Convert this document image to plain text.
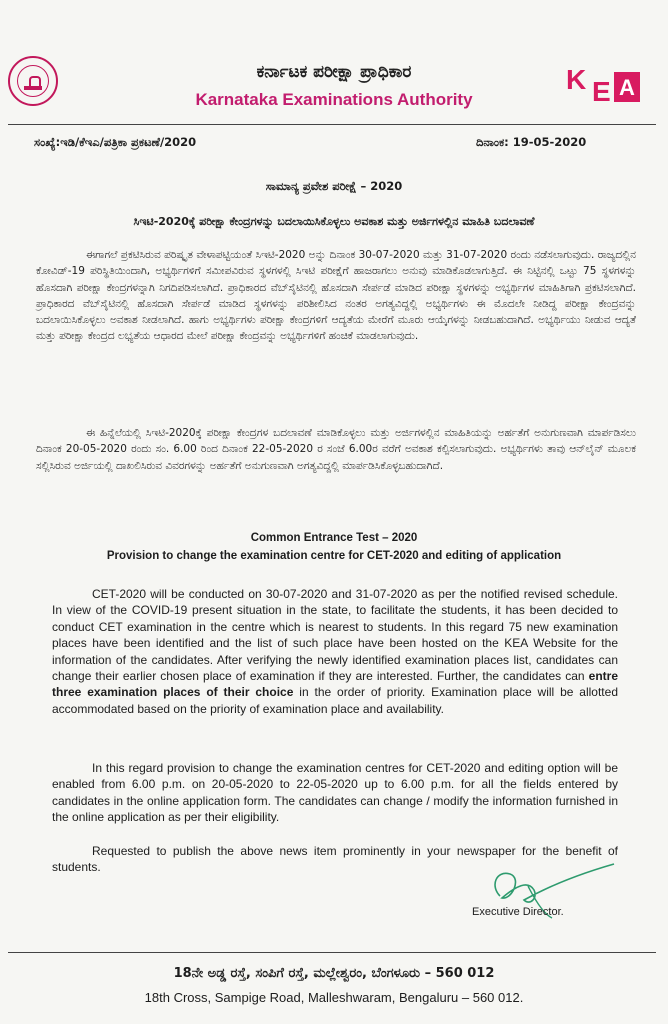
ಕರ್ನಾಟಕ ಪರೀಕ್ಷಾ ಪ್ರಾಧಿಕಾರ
Karnataka Examinations Authority
K E A
ಸಂಖ್ಯೆ:ಇಡಿ/ಕೆಇಎ/ಪತ್ರಿಕಾ ಪ್ರಕಟಣೆ/2020	ದಿನಾಂಕ: 19-05-2020
ಸಾಮಾನ್ಯ ಪ್ರವೇಶ ಪರೀಕ್ಷೆ – 2020
ಸಿಇಟಿ-2020ಕ್ಕೆ ಪರೀಕ್ಷಾ ಕೇಂದ್ರಗಳನ್ನು ಬದಲಾಯಿಸಿಕೊಳ್ಳಲು ಅವಕಾಶ ಮತ್ತು ಅರ್ಜಿಗಳಲ್ಲಿನ ಮಾಹಿತಿ ಬದಲಾವಣೆ
ಈಗಾಗಲೆ ಪ್ರಕಟಿಸಿರುವ ಪರಿಷ್ಕೃತ ವೇಳಾಪಟ್ಟಿಯಂತೆ ಸಿಇಟಿ-2020 ಅನ್ನು ದಿನಾಂಕ 30-07-2020 ಮತ್ತು 31-07-2020 ರಂದು ನಡೆಸಲಾಗುವುದು. ರಾಜ್ಯದಲ್ಲಿನ ಕೋವಿಡ್-19 ಪರಿಸ್ಥಿತಿಯಿಂದಾಗಿ, ಅಭ್ಯರ್ಥಿಗಳಿಗೆ ಸಮೀಪವಿರುವ ಸ್ಥಳಗಳಲ್ಲಿ ಸಿಇಟಿ ಪರೀಕ್ಷೆಗೆ ಹಾಜರಾಗಲು ಅನುವು ಮಾಡಿಕೊಡಲಾಗುತ್ತಿದೆ. ಈ ನಿಟ್ಟಿನಲ್ಲಿ ಒಟ್ಟು 75 ಸ್ಥಳಗಳನ್ನು ಹೊಸದಾಗಿ ಪರೀಕ್ಷಾ ಕೇಂದ್ರಗಳನ್ನಾಗಿ ನಿಗದಿಪಡಿಸಲಾಗಿದೆ. ಪ್ರಾಧಿಕಾರದ ವೆಬ್‌ಸೈಟಿನಲ್ಲಿ ಹೊಸದಾಗಿ ಸೇರ್ಪಡೆ ಮಾಡಿದ ಪರೀಕ್ಷಾ ಸ್ಥಳಗಳನ್ನು ಅಭ್ಯರ್ಥಿಗಳ ಮಾಹಿತಿಗಾಗಿ ಪ್ರಕಟಿಸಲಾಗಿದೆ. ಪ್ರಾಧಿಕಾರದ ವೆಬ್‌ಸೈಟಿನಲ್ಲಿ ಹೊಸದಾಗಿ ಸೇರ್ಪಡೆ ಮಾಡಿದ ಸ್ಥಳಗಳನ್ನು ಪರಿಶೀಲಿಸಿದ ನಂತರ ಅಗತ್ಯವಿದ್ದಲ್ಲಿ ಅಭ್ಯರ್ಥಿಗಳು ಈ ಮೊದಲೇ ನೀಡಿದ್ದ ಪರೀಕ್ಷಾ ಕೇಂದ್ರವನ್ನು ಬದಲಾಯಿಸಿಕೊಳ್ಳಲು ಅವಕಾಶ ನೀಡಲಾಗಿದೆ. ಹಾಗು ಅಭ್ಯರ್ಥಿಗಳು ಪರೀಕ್ಷಾ ಕೇಂದ್ರಗಳಿಗೆ ಆದ್ಯತೆಯ ಮೇರೆಗೆ ಮೂರು ಆಯ್ಕೆಗಳನ್ನು ನೀಡಬಹುದಾಗಿದೆ. ಅಭ್ಯರ್ಥಿಯು ನೀಡುವ ಆದ್ಯತೆ ಮತ್ತು ಪರೀಕ್ಷಾ ಕೇಂದ್ರದ ಲಭ್ಯತೆಯ ಆಧಾರದ ಮೇಲೆ ಪರೀಕ್ಷಾ ಕೇಂದ್ರವನ್ನು ಅಭ್ಯರ್ಥಿಗಳಿಗೆ ಹಂಚಿಕೆ ಮಾಡಲಾಗುವುದು.
ಈ ಹಿನ್ನೆಲೆಯಲ್ಲಿ ಸಿಇಟಿ-2020ಕ್ಕೆ ಪರೀಕ್ಷಾ ಕೇಂದ್ರಗಳ ಬದಲಾವಣೆ ಮಾಡಿಕೊಳ್ಳಲು ಮತ್ತು ಅರ್ಜಿಗಳಲ್ಲಿನ ಮಾಹಿತಿಯನ್ನು ಅರ್ಹತೆಗೆ ಅನುಗುಣವಾಗಿ ಮಾರ್ಪಡಿಸಲು ದಿನಾಂಕ 20-05-2020 ರಂದು ಸಂ. 6.00 ರಿಂದ ದಿನಾಂಕ 22-05-2020 ರ ಸಂಜೆ 6.00ರ ವರೆಗೆ ಅವಕಾಶ ಕಲ್ಪಿಸಲಾಗುವುದು. ಅಭ್ಯರ್ಥಿಗಳು ತಾವು ಆನ್‌ಲೈನ್ ಮೂಲಕ ಸಲ್ಲಿಸಿರುವ ಅರ್ಜಿಯಲ್ಲಿ ದಾಖಲಿಸಿರುವ ವಿವರಗಳನ್ನು ಅರ್ಹತೆಗೆ ಅನುಗುಣವಾಗಿ ಅಗತ್ಯವಿದ್ದಲ್ಲಿ ಮಾರ್ಪಡಿಸಿಕೊಳ್ಳಬಹುದಾಗಿದೆ.
Common Entrance Test – 2020
Provision to change the examination centre for CET-2020 and editing of application
CET-2020 will be conducted on 30-07-2020 and 31-07-2020 as per the notified revised schedule. In view of the COVID-19 present situation in the state, to facilitate the students, it has been decided to conduct CET examination in the centre which is nearest to students. In this regard 75 new examination places have been identified and the list of such place have been hosted on the KEA Website for the information of the candidates. After verifying the newly identified examination places list, candidates can change their earlier chosen place of examination if they are interested. Further, the candidates can entre three examination places of their choice in the order of priority. Examination place will be allotted accommodated based on the priority of examination place and availability.
In this regard provision to change the examination centres for CET-2020 and editing option will be enabled from 6.00 p.m. on 20-05-2020 to 22-05-2020 up to 6.00 p.m. for all the fields entered by candidates in the online application form. The candidates can change / modify the information furnished in the online application as per their eligibility.
Requested to publish the above news item prominently in your newspaper for the benefit of students.
Executive Director.
18ನೇ ಅಡ್ಡ ರಸ್ತೆ, ಸಂಪಿಗೆ ರಸ್ತೆ, ಮಲ್ಲೇಶ್ವರಂ, ಬೆಂಗಳೂರು – 560 012
18th Cross, Sampige Road, Malleshwaram, Bengaluru – 560 012.
